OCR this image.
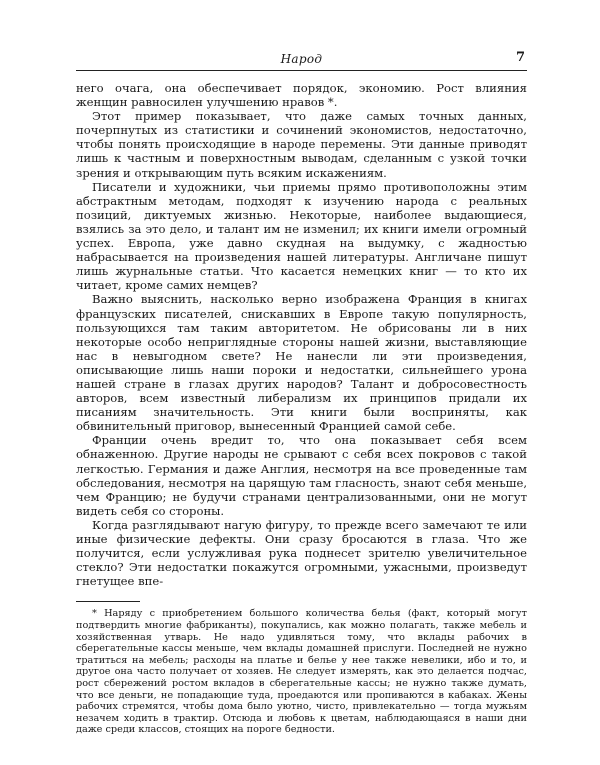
Народ	7

него очага, она обеспечивает порядок, экономию. Рост влияния женщин равносилен улучшению нравов *.

Этот пример показывает, что даже самых точных данных, почерпнутых из статистики и сочинений экономистов, недостаточно, чтобы понять происходящие в народе перемены. Эти данные приводят лишь к частным и поверхностным выводам, сделанным с узкой точки зрения и открывающим путь всяким искажениям.

Писатели и художники, чьи приемы прямо противоположны этим абстрактным методам, подходят к изучению народа с реальных позиций, диктуемых жизнью. Некоторые, наиболее выдающиеся, взялись за это дело, и талант им не изменил; их книги имели огромный успех. Европа, уже давно скудная на выдумку, с жадностью набрасывается на произведения нашей литературы. Англичане пишут лишь журнальные статьи. Что касается немецких книг — то кто их читает, кроме самих немцев?

Важно выяснить, насколько верно изображена Франция в книгах французских писателей, снискавших в Европе такую популярность, пользующихся там таким авторитетом. Не обрисованы ли в них некоторые особо неприглядные стороны нашей жизни, выставляющие нас в невыгодном свете? Не нанесли ли эти произведения, описывающие лишь наши пороки и недостатки, сильнейшего урона нашей стране в глазах других народов? Талант и добросовестность авторов, всем известный либерализм их принципов придали их писаниям значительность. Эти книги были восприняты, как обвинительный приговор, вынесенный Францией самой себе.

Франции очень вредит то, что она показывает себя всем обнаженною. Другие народы не срывают с себя всех покровов с такой легкостью. Германия и даже Англия, несмотря на все проведенные там обследования, несмотря на царящую там гласность, знают себя меньше, чем Францию; не будучи странами централизованными, они не могут видеть себя со стороны.

Когда разглядывают нагую фигуру, то прежде всего замечают те или иные физические дефекты. Они сразу бросаются в глаза. Что же получится, если услужливая рука поднесет зрителю увеличительное стекло? Эти недостатки покажутся огромными, ужасными, произведут гнетущее впе-

* Наряду с приобретением большого количества белья (факт, который могут подтвердить многие фабриканты), покупались, как можно полагать, также мебель и хозяйственная утварь. Не надо удивляться тому, что вклады рабочих в сберегательные кассы меньше, чем вклады домашней прислуги. Последней не нужно тратиться на мебель; расходы на платье и белье у нее также невелики, ибо и то, и другое она часто получает от хозяев. Не следует измерять, как это делается подчас, рост сбережений ростом вкладов в сберегательные кассы; не нужно также думать, что все деньги, не попадающие туда, проедаются или пропиваются в кабаках. Жены рабочих стремятся, чтобы дома было уютно, чисто, привлекательно — тогда мужьям незачем ходить в трактир. Отсюда и любовь к цветам, наблюдающаяся в наши дни даже среди классов, стоящих на пороге бедности.
